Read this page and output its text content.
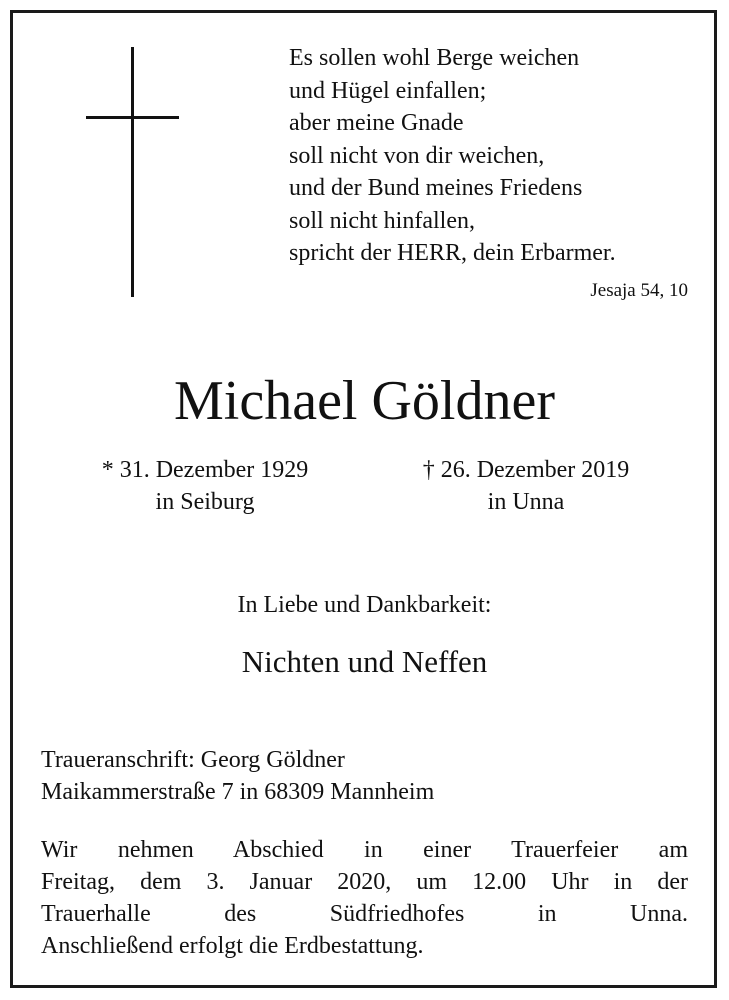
Es sollen wohl Berge weichen
und Hügel einfallen;
aber meine Gnade
soll nicht von dir weichen,
und der Bund meines Friedens
soll nicht hinfallen,
spricht der HERR, dein Erbarmer.
Jesaja 54, 10
Michael Göldner
* 31. Dezember 1929
in Seiburg
† 26. Dezember 2019
in Unna
In Liebe und Dankbarkeit:
Nichten und Neffen
Traueranschrift: Georg Göldner
Maikammerstraße 7 in 68309 Mannheim
Wir nehmen Abschied in einer Trauerfeier am
Freitag, dem 3. Januar 2020, um 12.00 Uhr in der
Trauerhalle des Südfriedhofes in Unna.
Anschließend erfolgt die Erdbestattung.
